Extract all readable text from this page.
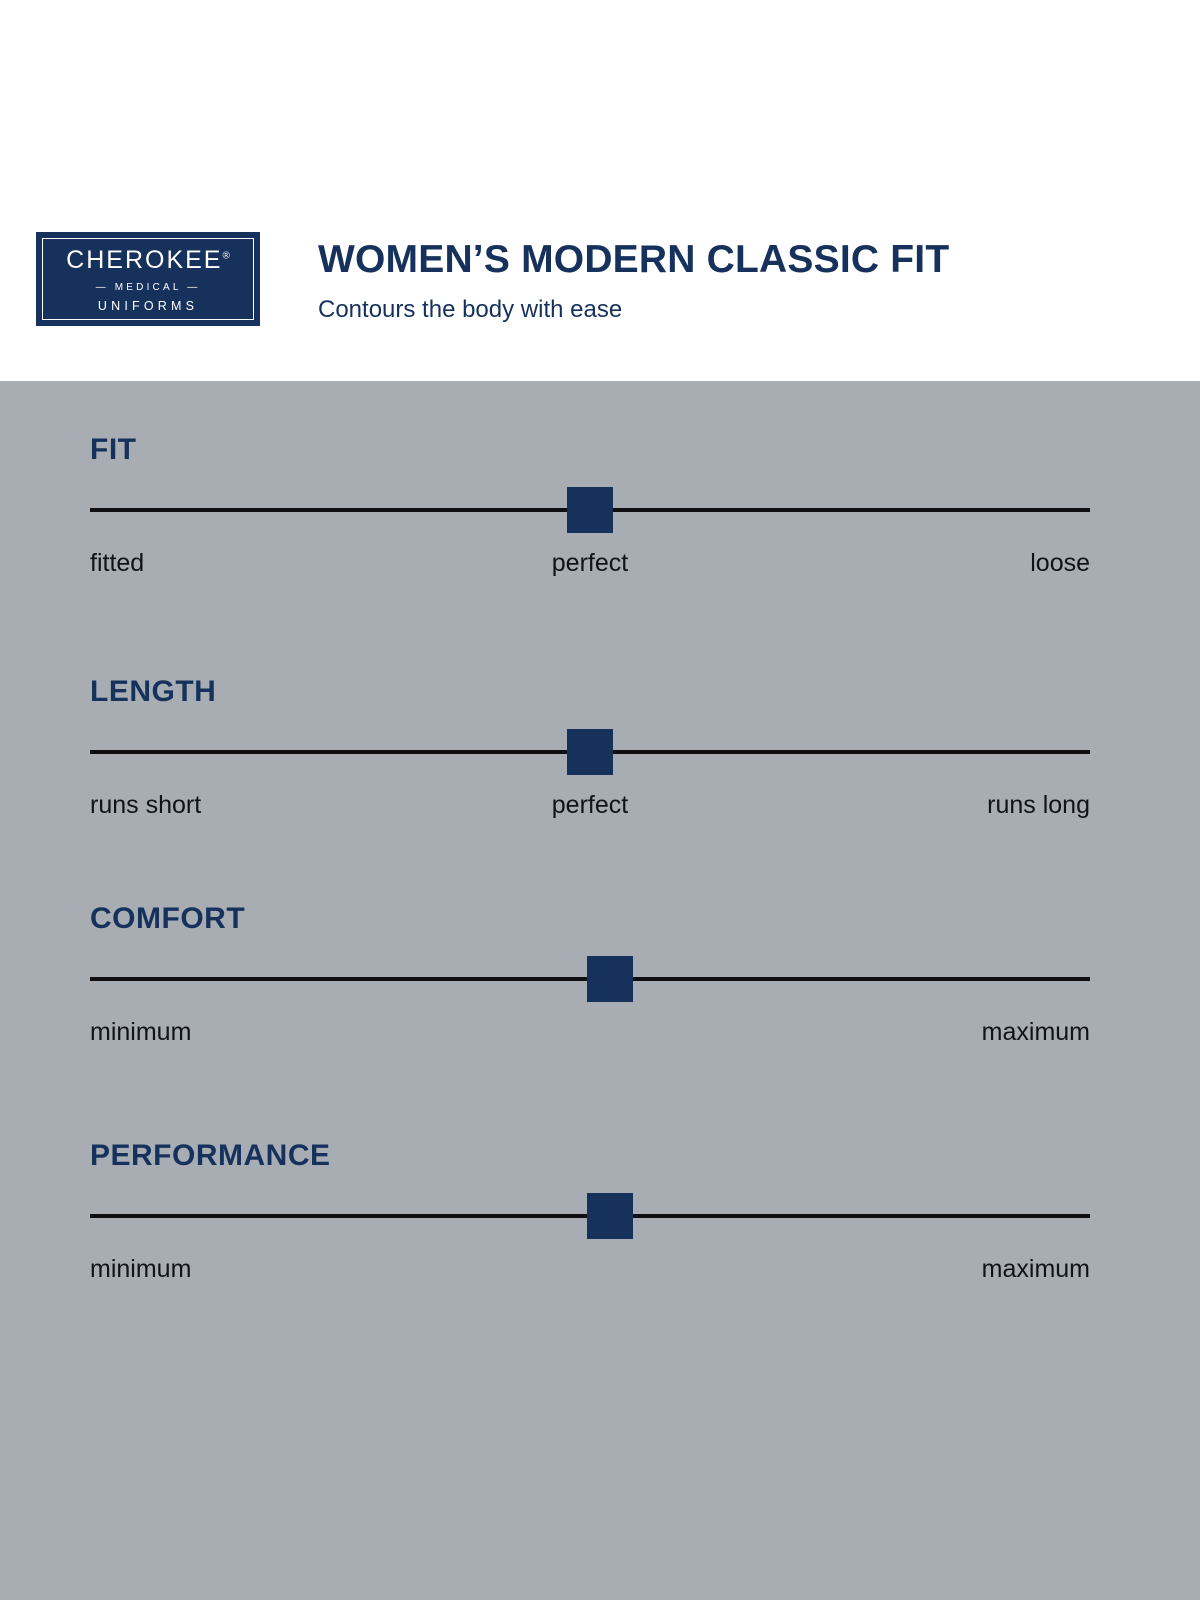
CHEROKEE®
— MEDICAL —
UNIFORMS
WOMEN’S MODERN CLASSIC FIT
Contours the body with ease
FIT
fitted	perfect	loose
LENGTH
runs short	perfect	runs long
COMFORT
minimum	maximum
PERFORMANCE
minimum	maximum
